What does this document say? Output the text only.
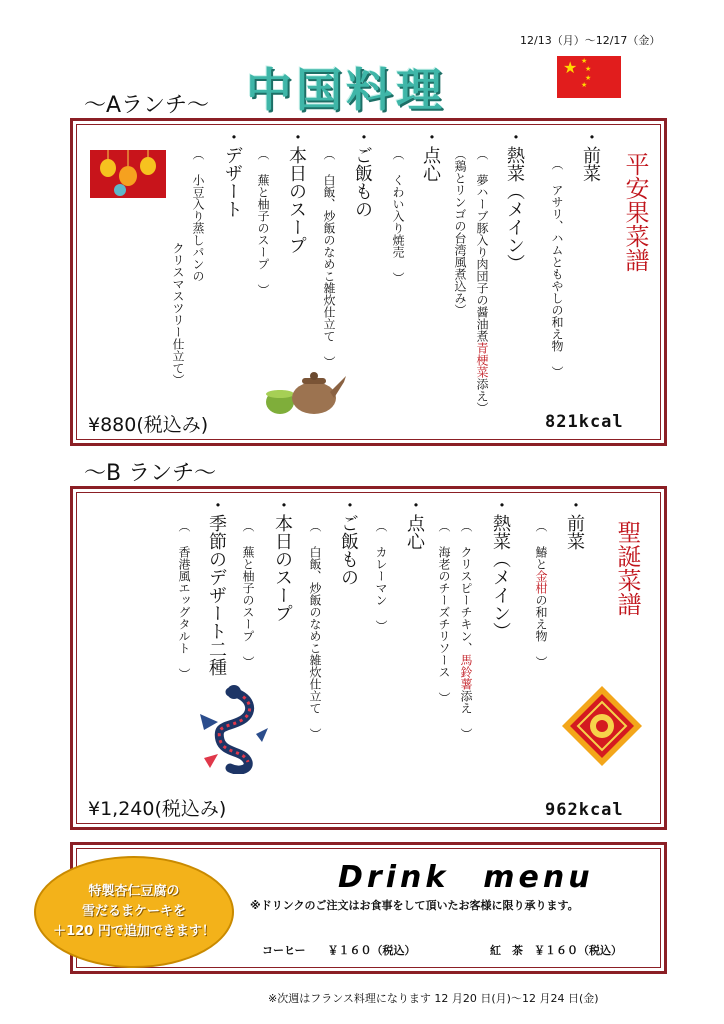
12/13（月）～12/17（金）
中国料理	★ ★
★
★
★
～Aランチ～
平安果菜譜
・前菜
（ アサリ、ハムともやしの和え物 ）
・熱菜（メイン）
（ 夢ハーブ豚入り肉団子の醤油煮青梗菜添え）
（鶏とリンゴの台湾風煮込み）
・点心
（ くわい入り焼売 ）
・ご飯もの
（ 白飯、炒飯のなめこ雑炊仕立て ）
・本日のスープ
（ 蕪と柚子のスープ ）
・デザート
（ 小豆入り蒸しパンの
クリスマスツリー仕立て）
¥880(税込み)	821kcal
～B ランチ～
聖誕菜譜
・前菜
（ 鰆と金柑の和え物 ）
・熱菜（メイン）
（ クリスピーチキン、馬鈴薯添え ）
（ 海老のチーズチリソース ）
・点心
（ カレーマン ）
・ご飯もの
（ 白飯、炒飯のなめこ雑炊仕立て ）
・本日のスープ
（ 蕪と柚子のスープ ）
・季節のデザート二種
（ 香港風エッグタルト ）
¥1,240(税込み)	962kcal
Drink　menu
※ドリンクのご注文はお食事をして頂いたお客様に限り承ります。
コーヒー　　￥１６０（税込）	紅　茶　￥１６０（税込）
特製杏仁豆腐の
雪だるまケーキを
＋120 円で追加できます！
※次週はフランス料理になります 12 月20 日(月)～12 月24 日(金)
